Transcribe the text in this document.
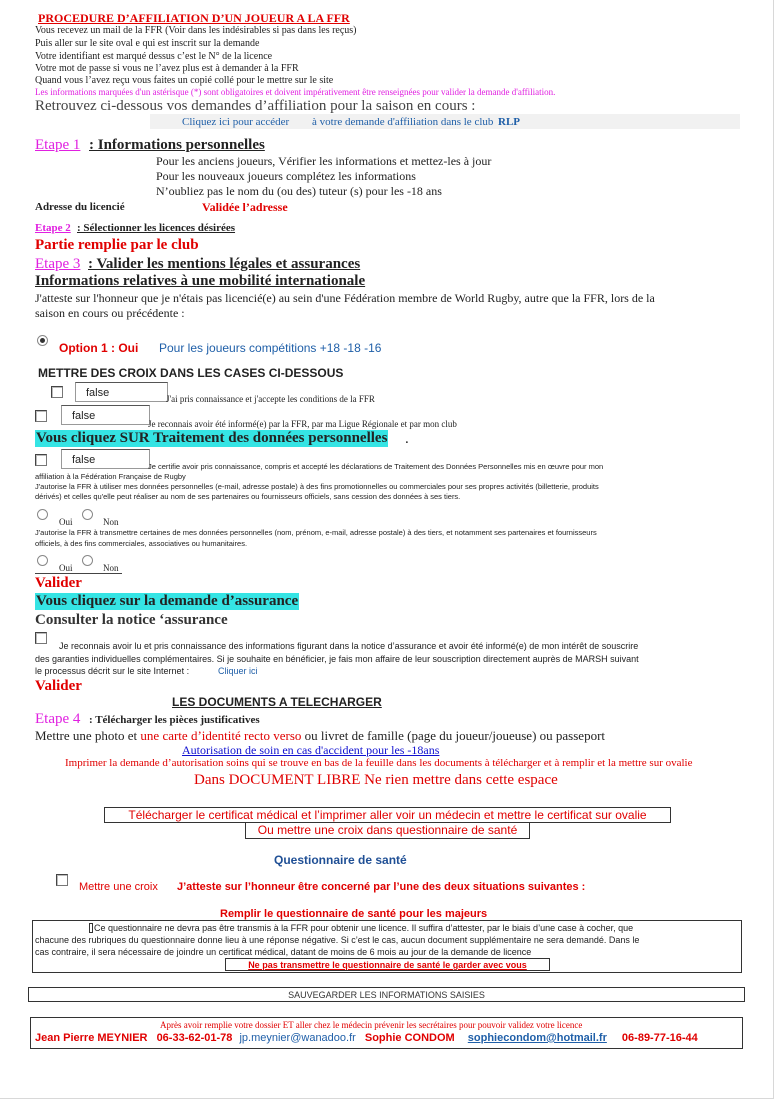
PROCEDURE D’AFFILIATION D’UN JOUEUR A LA FFR
Vous recevez un mail de la FFR (Voir dans les indésirables si pas dans les reçus)
Puis aller sur le site oval e qui est inscrit sur la demande
Votre identifiant est marqué dessus c’est le N° de la licence
Votre mot de passe si vous ne l’avez plus est à demander à la FFR
Quand vous l’avez reçu vous faites un copié collé pour le mettre sur le site
Les informations marquées d'un astérisque (*) sont obligatoires et doivent impérativement être renseignées pour valider la demande d'affiliation.
Retrouvez ci-dessous vos demandes d’affiliation pour la saison en cours :
Cliquez ici pour accéder à votre demande d'affiliation dans le club RLP
Etape 1 : Informations personnelles
Pour les anciens joueurs, Vérifier les informations et mettez-les à jour
Pour les nouveaux joueurs complétez les informations
N’oubliez pas le nom du (ou des) tuteur (s) pour les -18 ans
Adresse du licencié	Validée l’adresse
Etape 2 : Sélectionner les licences désirées
Partie remplie par le club
Etape 3 : Valider les mentions légales et assurances
Informations relatives à une mobilité internationale
J'atteste sur l'honneur que je n'étais pas licencié(e) au sein d'une Fédération membre de World Rugby, autre que la FFR, lors de la
saison en cours ou précédente :
Option 1 : Oui Pour les joueurs compétitions +18 -18 -16
METTRE DES CROIX DANS LES CASES CI-DESSOUS
false	J'ai pris connaissance et j'accepte les conditions de la FFR
false
Je reconnais avoir été informé(e) par la FFR, par ma Ligue Régionale et par mon club
Vous cliquez SUR Traitement des données personnelles .
false
Je certifie avoir pris connaissance, compris et accepté les déclarations de Traitement des Données Personnelles mis en œuvre pour mon
affiliation à la Fédération Française de Rugby
J'autorise la FFR à utiliser mes données personnelles (e-mail, adresse postale) à des fins promotionnelles ou commerciales pour ses propres activités (billetterie, produits
dérivés) et celles qu'elle peut réaliser au nom de ses partenaires ou fournisseurs officiels, sans cession des données à ses tiers.
Oui	Non
J'autorise la FFR à transmettre certaines de mes données personnelles (nom, prénom, e-mail, adresse postale) à des tiers, et notamment ses partenaires et fournisseurs
officiels, à des fins commerciales, associatives ou humanitaires.
Oui	Non
Valider
Vous cliquez sur la demande d’assurance
Consulter la notice ‘assurance
Je reconnais avoir lu et pris connaissance des informations figurant dans la notice d’assurance et avoir été informé(e) de mon intérêt de souscrire
des garanties individuelles complémentaires. Si je souhaite en bénéficier, je fais mon affaire de leur souscription directement auprès de MARSH suivant
le processus décrit sur le site Internet :	Cliquer ici
Valider
LES DOCUMENTS A TELECHARGER
Etape 4 : Télécharger les pièces justificatives
Mettre une photo et une carte d’identité recto verso ou livret de famille (page du joueur/joueuse) ou passeport
Autorisation de soin en cas d'accident pour les -18ans
Imprimer la demande d’autorisation soins qui se trouve en bas de la feuille dans les documents à télécharger et à remplir et la mettre sur ovalie
Dans DOCUMENT LIBRE Ne rien mettre dans cette espace
Télécharger le certificat médical et l’imprimer aller voir un médecin et mettre le certificat sur ovalie
Ou mettre une croix dans questionnaire de santé
Questionnaire de santé
Mettre une croix J’atteste sur l’honneur être concerné par l’une des deux situations suivantes :
Remplir le questionnaire de santé pour les majeurs
Ce questionnaire ne devra pas être transmis à la FFR pour obtenir une licence. Il suffira d’attester, par le biais d’une case à cocher, que
chacune des rubriques du questionnaire donne lieu à une réponse négative. Si c’est le cas, aucun document supplémentaire ne sera demandé. Dans le
cas contraire, il sera nécessaire de joindre un certificat médical, datant de moins de 6 mois au jour de la demande de licence
Ne pas transmettre le questionnaire de santé le garder avec vous
SAUVEGARDER LES INFORMATIONS SAISIES
Après avoir remplie votre dossier ET aller chez le médecin prévenir les secrétaires pour pouvoir validez votre licence
Jean Pierre MEYNIER 06-33-62-01-78 jp.meynier@wanadoo.fr Sophie CONDOM sophiecondom@hotmail.fr 06-89-77-16-44
